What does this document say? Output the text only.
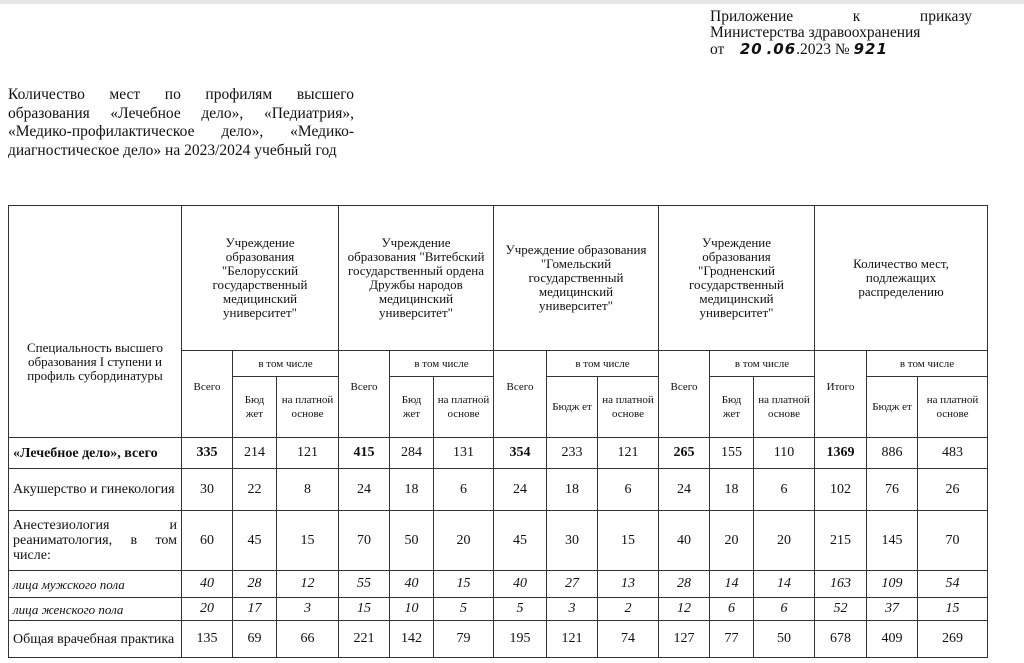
Приложение к приказу
Министерства здравоохранения
от 20 .06.2023 № 921
Количество мест по профилям высшего образования «Лечебное дело», «Педиатрия», «Медико-профилактическое дело», «Медико-диагностическое дело» на 2023/2024 учебный год
Специальность высшего образования I ступени и профиль субординатуры	Учреждение образования "Белорусский государственный медицинский университет"			Учреждение образования "Витебский государственный ордена Дружбы народов медицинский университет"			Учреждение образования "Гомельский государственный медицинский университет"			Учреждение образования "Гродненский государственный медицинский университет"			Количество мест, подлежащих распределению		
	Всего	в том числе		Всего	в том числе		Всего	в том числе		Всего	в том числе		Итого	в том числе	
		Бюд жет	на платной основе		Бюд жет	на платной основе		Бюдж ет	на платной основе		Бюд жет	на платной основе		Бюдж ет	на платной основе
«Лечебное дело», всего	335	214	121	415	284	131	354	233	121	265	155	110	1369	886	483
Акушерство и гинекология	30	22	8	24	18	6	24	18	6	24	18	6	102	76	26
Анестезиология и реаниматология, в том числе:	60	45	15	70	50	20	45	30	15	40	20	20	215	145	70
лица мужского пола	40	28	12	55	40	15	40	27	13	28	14	14	163	109	54
лица женского пола	20	17	3	15	10	5	5	3	2	12	6	6	52	37	15
Общая врачебная практика	135	69	66	221	142	79	195	121	74	127	77	50	678	409	269
